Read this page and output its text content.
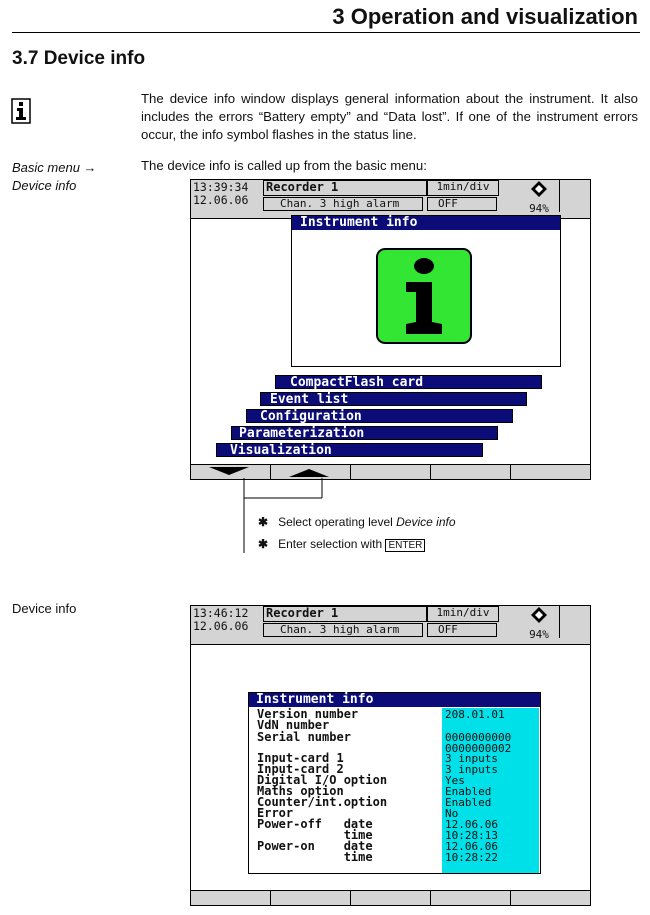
3 Operation and visualization
3.7 Device info
The device info window displays general information about the instrument. It also includes the errors “Battery empty” and “Data lost”. If one of the instrument errors occur, the info symbol flashes in the status line.
Basic menu →
Device info
The device info is called up from the basic menu:
13:39:34
12.06.06
Recorder 1	1min/div
Chan. 3 high alarm	OFF	94%
Instrument info
CompactFlash card
Event list
Configuration
Parameterization
Visualization
✱ Select operating level Device info
✱ Enter selection with ENTER
Device info	13:46:12
12.06.06
Recorder 1	1min/div
Chan. 3 high alarm	OFF	94%
Instrument info
Version number	208.01.01
VdN number
Serial number	0000000000
0000000002
Input-card 1	3 inputs
Input-card 2	3 inputs
Digital I/O option	Yes
Maths option	Enabled
Counter/int.option	Enabled
Error	No
Power-off   date	12.06.06
time	10:28:13
Power-on    date	12.06.06
time	10:28:22
